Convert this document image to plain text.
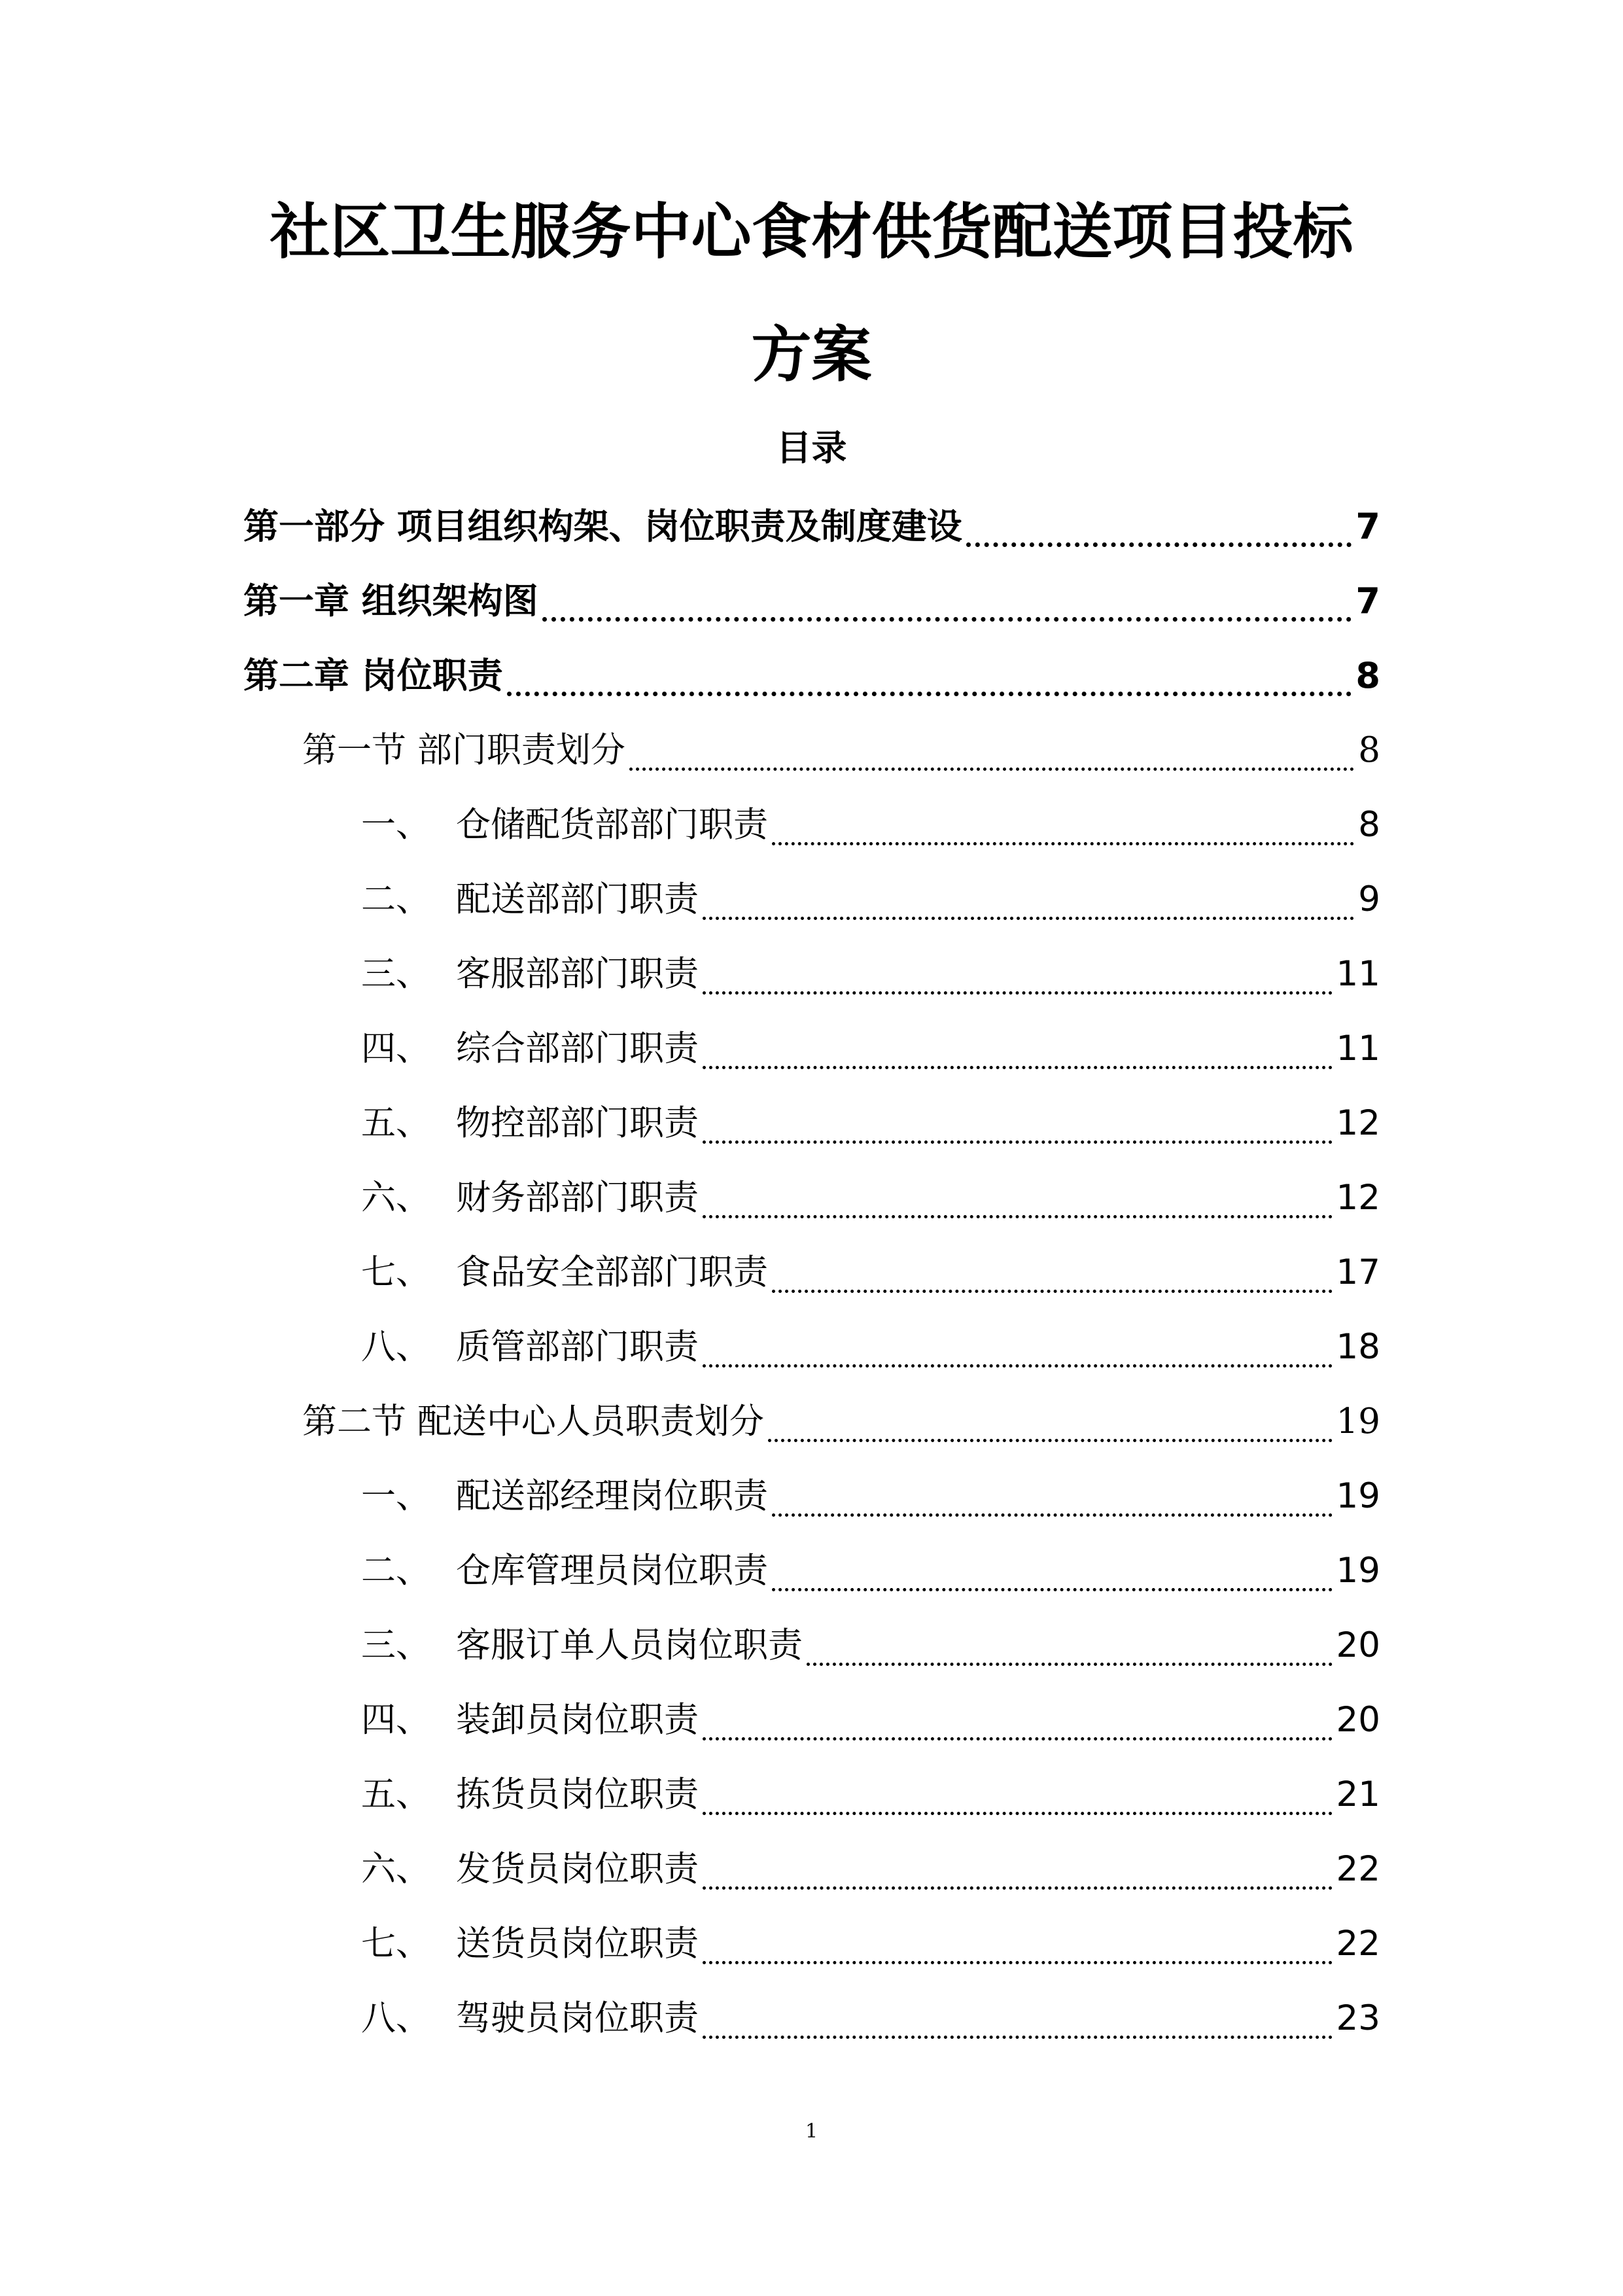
社区卫生服务中心食材供货配送项目投标
方案
目录
第一部分 项目组织构架、岗位职责及制度建设	7
第一章 组织架构图	7
第二章 岗位职责	8
第一节 部门职责划分	8
一、 仓储配货部部门职责	8
二、 配送部部门职责	9
三、 客服部部门职责	11
四、 综合部部门职责	11
五、 物控部部门职责	12
六、 财务部部门职责	12
七、 食品安全部部门职责	17
八、 质管部部门职责	18
第二节 配送中心人员职责划分	19
一、 配送部经理岗位职责	19
二、 仓库管理员岗位职责	19
三、 客服订单人员岗位职责	20
四、 装卸员岗位职责	20
五、 拣货员岗位职责	21
六、 发货员岗位职责	22
七、 送货员岗位职责	22
八、 驾驶员岗位职责	23
1
